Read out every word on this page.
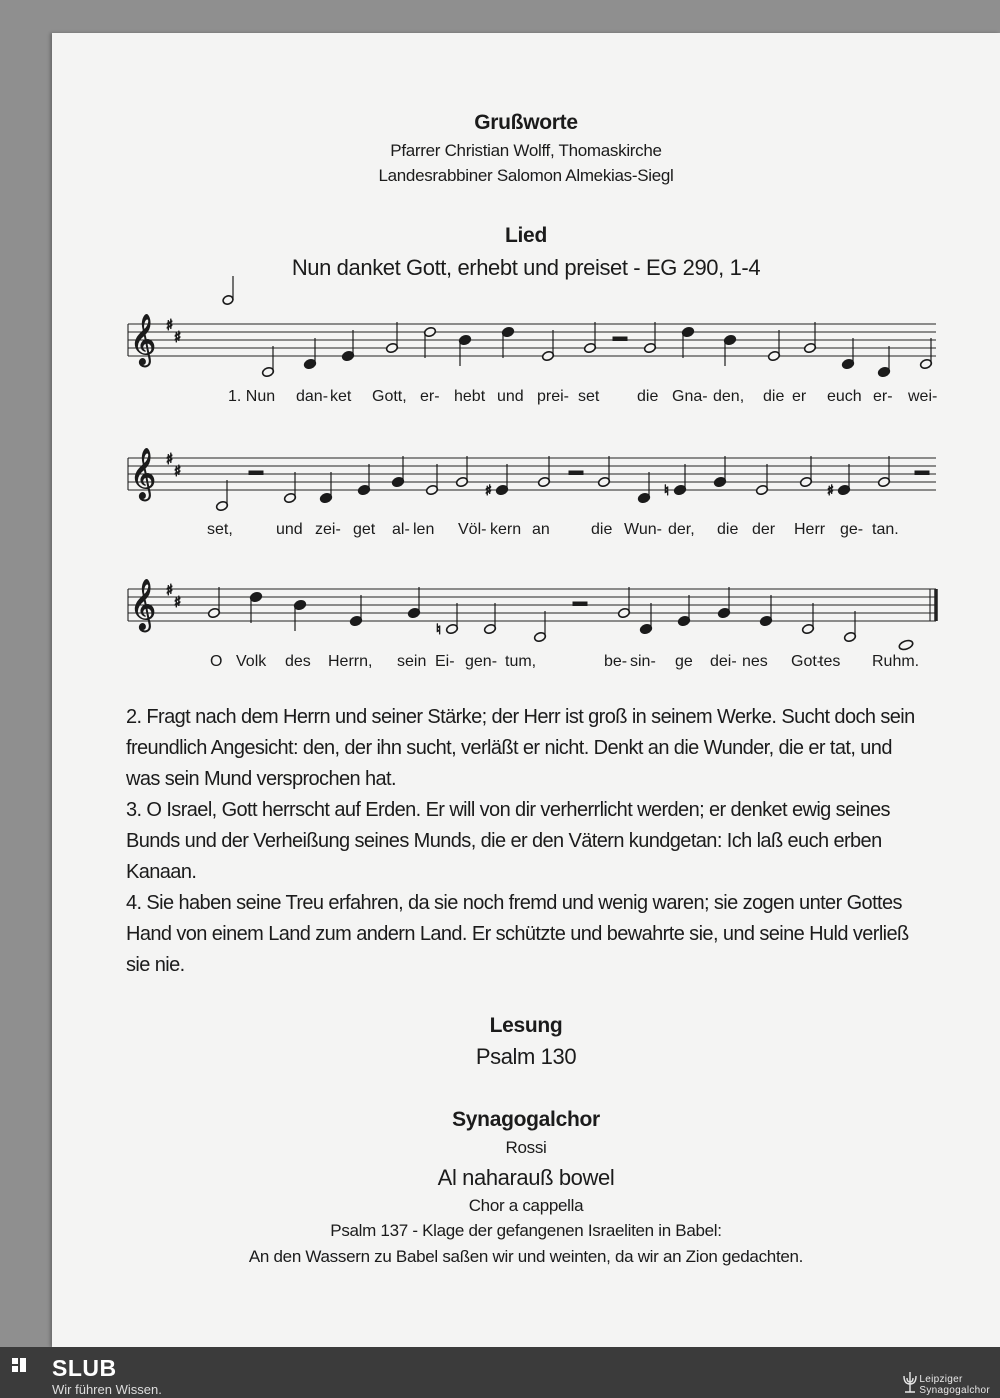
Grußworte
Pfarrer Christian Wolff, Thomaskirche
Landesrabbiner Salomon Almekias-Siegl
Lied
Nun danket Gott, erhebt und preiset - EG 290, 1-4
𝄞 ♯
♯
𝄞 ♯
♯
𝄞 ♯
♯
♯	♮	♯
♮
1. Nun dan- ket Gott, er- hebt und prei- set die Gna- den, die er euch er- wei-
set,	und zei- get al- len Völ- kern an	die Wun- der, die der Herr ge- tan.
O Volk des Herrn, sein Ei- gen- tum,	be- sin- ge dei- nes Got-
tes Ruhm.

2. Fragt nach dem Herrn und seiner Stärke; der Herr ist groß in seinem Werke. Sucht doch sein freundlich Angesicht: den, der ihn sucht, verläßt er nicht. Denkt an die Wunder, die er tat, und was sein Mund versprochen hat.

3. O Israel, Gott herrscht auf Erden. Er will von dir verherrlicht werden; er denket ewig seines Bunds und der Verheißung seines Munds, die er den Vätern kundgetan: Ich laß euch erben Kanaan.

4. Sie haben seine Treu erfahren, da sie noch fremd und wenig waren; sie zogen unter Gottes Hand von einem Land zum andern Land. Er schützte und bewahrte sie, und seine Huld verließ sie nie.

Lesung
Psalm 130
Synagogalchor
Rossi
Al naharauß bowel
Chor a cappella
Psalm 137 - Klage der gefangenen Israeliten in Babel:
An den Wassern zu Babel saßen wir und weinten, da wir an Zion gedachten.
SLUB
Wir führen Wissen.
Leipziger
Synagogalchor
